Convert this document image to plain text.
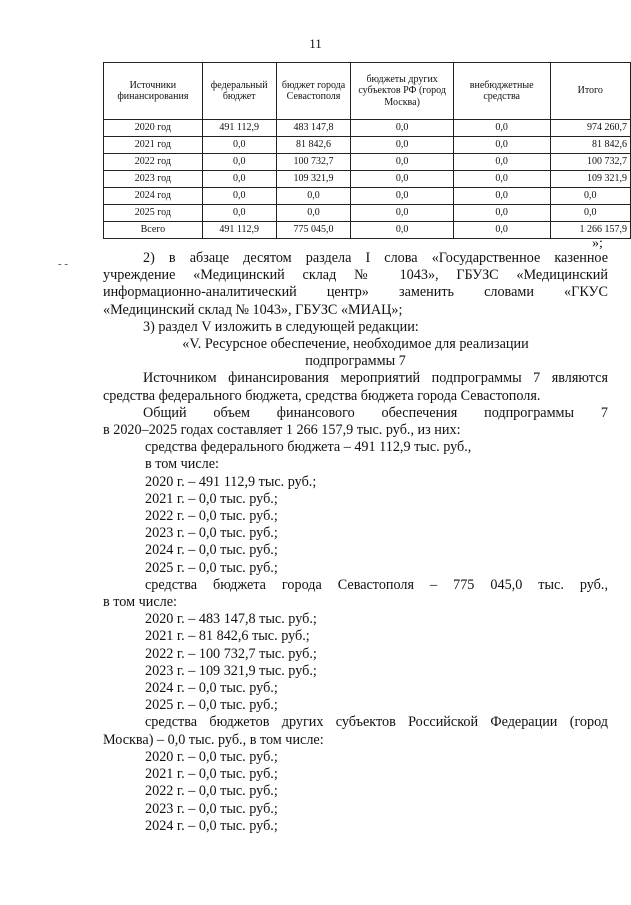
11
Источники финансирования	федеральный бюджет	бюджет города Севастополя	бюджеты других субъектов РФ (город Москва)	внебюджетные средства	Итого
2020 год	491 112,9	483 147,8	0,0	0,0	974 260,7
2021 год	0,0	81 842,6	0,0	0,0	81 842,6
2022 год	0,0	100 732,7	0,0	0,0	100 732,7
2023 год	0,0	109 321,9	0,0	0,0	109 321,9
2024 год	0,0	0,0	0,0	0,0	0,0
2025 год	0,0	0,0	0,0	0,0	0,0
Всего	491 112,9	775 045,0	0,0	0,0	1 266 157,9
»;
- -	2) в абзаце десятом раздела I слова «Государственное казенное

учреждение «Медицинский склад № 1043», ГБУЗС «Медицинский

информационно-аналитический центр» заменить словами «ГКУС

«Медицинский склад № 1043», ГБУЗС «МИАЦ»;

3) раздел V изложить в следующей редакции:

«V. Ресурсное обеспечение, необходимое для реализации

подпрограммы 7

Источником финансирования мероприятий подпрограммы 7 являются

средства федерального бюджета, средства бюджета города Севастополя.

Общий объем финансового обеспечения подпрограммы 7

в 2020–2025 годах составляет 1 266 157,9 тыс. руб., из них:

средства федерального бюджета – 491 112,9 тыс. руб.,

в том числе:

2020 г. – 491 112,9 тыс. руб.;

2021 г. – 0,0 тыс. руб.;

2022 г. – 0,0 тыс. руб.;

2023 г. – 0,0 тыс. руб.;

2024 г. – 0,0 тыс. руб.;

2025 г. – 0,0 тыс. руб.;

средства бюджета города Севастополя – 775 045,0 тыс. руб.,

в том числе:

2020 г. – 483 147,8 тыс. руб.;

2021 г. – 81 842,6 тыс. руб.;

2022 г. – 100 732,7 тыс. руб.;

2023 г. – 109 321,9 тыс. руб.;

2024 г. – 0,0 тыс. руб.;

2025 г. – 0,0 тыс. руб.;

средства бюджетов других субъектов Российской Федерации (город

Москва) – 0,0 тыс. руб., в том числе:

2020 г. – 0,0 тыс. руб.;

2021 г. – 0,0 тыс. руб.;

2022 г. – 0,0 тыс. руб.;

2023 г. – 0,0 тыс. руб.;

2024 г. – 0,0 тыс. руб.;
